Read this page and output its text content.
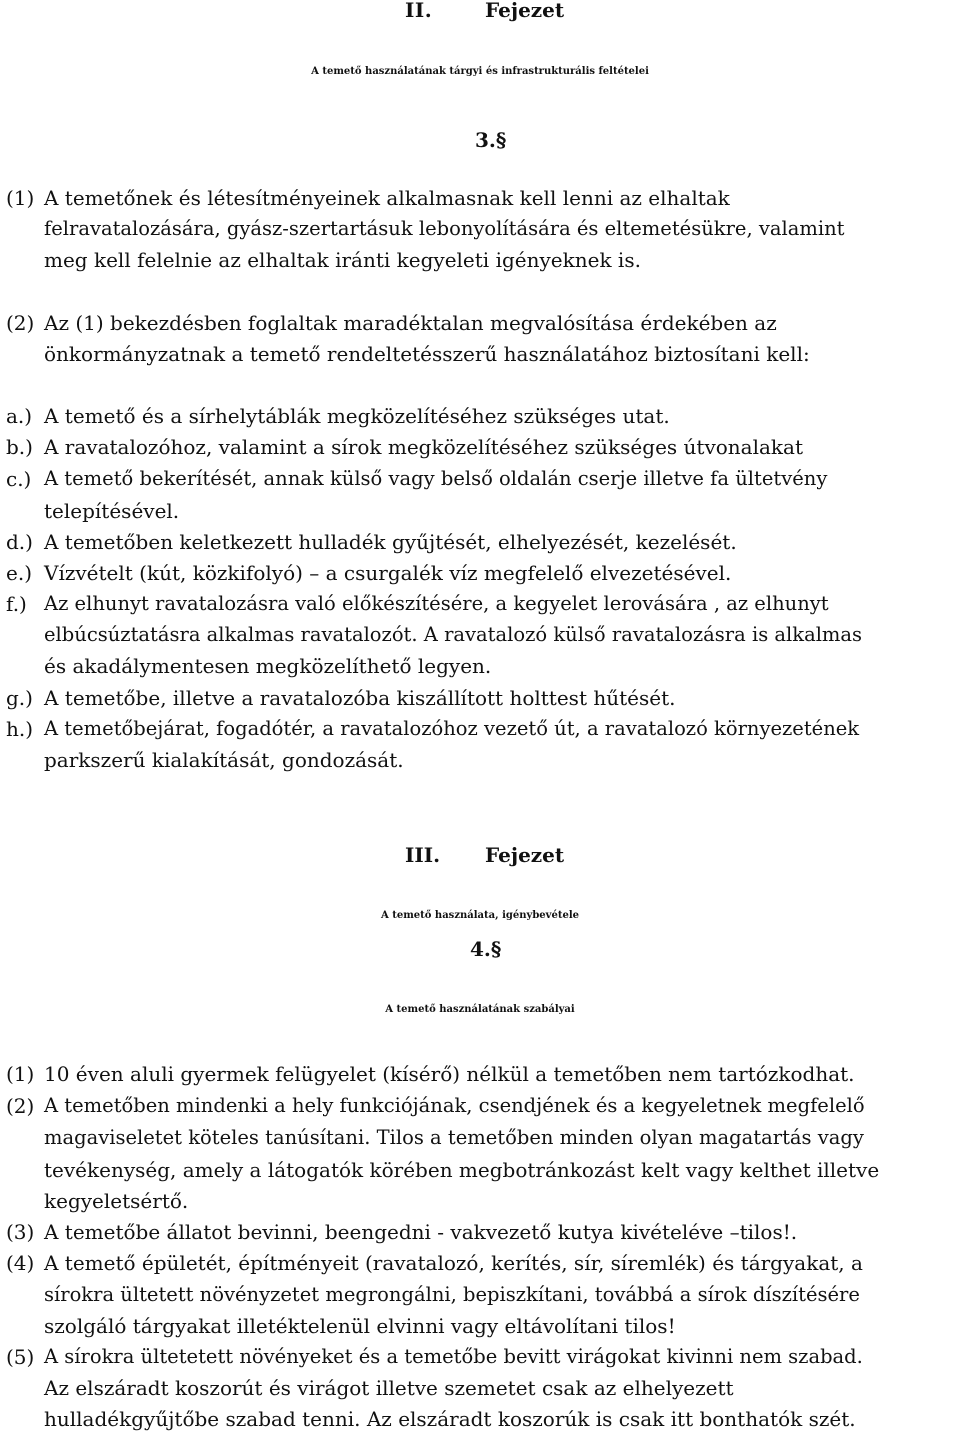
II.	Fejezet
A temető használatának tárgyi és infrastrukturális feltételei
3.§
(1) A temetőnek és létesítményeinek alkalmasnak kell lenni az elhaltak
felravatalozására, gyász-szertartásuk lebonyolítására és eltemetésükre, valamint
meg kell felelnie az elhaltak iránti kegyeleti igényeknek is.
(2) Az (1) bekezdésben foglaltak maradéktalan megvalósítása érdekében az
önkormányzatnak a temető rendeltetésszerű használatához biztosítani kell:
a.) A temető és a sírhelytáblák megközelítéséhez szükséges utat.
b.) A ravatalozóhoz, valamint a sírok megközelítéséhez szükséges útvonalakat
c.) A temető bekerítését, annak külső vagy belső oldalán cserje illetve fa ültetvény
telepítésével.
d.) A temetőben keletkezett hulladék gyűjtését, elhelyezését, kezelését.
e.) Vízvételt (kút, közkifolyó) – a csurgalék víz megfelelő elvezetésével.
f.) Az elhunyt ravatalozásra való előkészítésére, a kegyelet lerovására , az elhunyt
elbúcsúztatásra alkalmas ravatalozót. A ravatalozó külső ravatalozásra is alkalmas
és akadálymentesen megközelíthető legyen.
g.) A temetőbe, illetve a ravatalozóba kiszállított holttest hűtését.
h.) A temetőbejárat, fogadótér, a ravatalozóhoz vezető út, a ravatalozó környezetének
parkszerű kialakítását, gondozását.
III. Fejezet
A temető használata, igénybevétele
4.§
A temető használatának szabályai
(1) 10 éven aluli gyermek felügyelet (kísérő) nélkül a temetőben nem tartózkodhat.
(2) A temetőben mindenki a hely funkciójának, csendjének és a kegyeletnek megfelelő
magaviseletet köteles tanúsítani. Tilos a temetőben minden olyan magatartás vagy
tevékenység, amely a látogatók körében megbotránkozást kelt vagy kelthet illetve
kegyeletsértő.
(3) A temetőbe állatot bevinni, beengedni - vakvezető kutya kivételéve –tilos!.
(4) A temető épületét, építményeit (ravatalozó, kerítés, sír, síremlék) és tárgyakat, a
sírokra ültetett növényzetet megrongálni, bepiszkítani, továbbá a sírok díszítésére
szolgáló tárgyakat illetéktelenül elvinni vagy eltávolítani tilos!
(5) A sírokra ültetetett növényeket és a temetőbe bevitt virágokat kivinni nem szabad.
Az elszáradt koszorút és virágot illetve szemetet csak az elhelyezett
hulladékgyűjtőbe szabad tenni. Az elszáradt koszorúk is csak itt bonthatók szét.
